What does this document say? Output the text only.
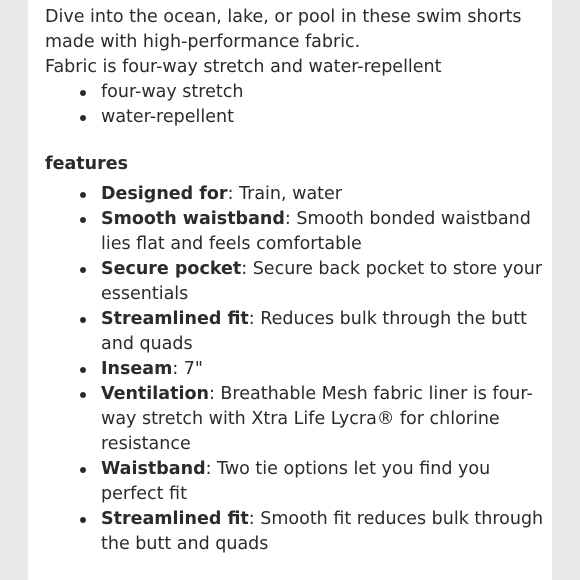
Dive into the ocean, lake, or pool in these swim shorts

made with high-performance fabric.

Fabric is four-way stretch and water-repellent

four-way stretch
water-repellent
features
Designed for: Train, water
Smooth waistband: Smooth bonded waistband lies flat and feels comfortable
Secure pocket: Secure back pocket to store your essentials
Streamlined fit: Reduces bulk through the butt and quads
Inseam: 7"
Ventilation: Breathable Mesh fabric liner is four-way stretch with Xtra Life Lycra® for chlorine resistance
Waistband: Two tie options let you find you perfect fit
Streamlined fit: Smooth fit reduces bulk through the butt and quads
